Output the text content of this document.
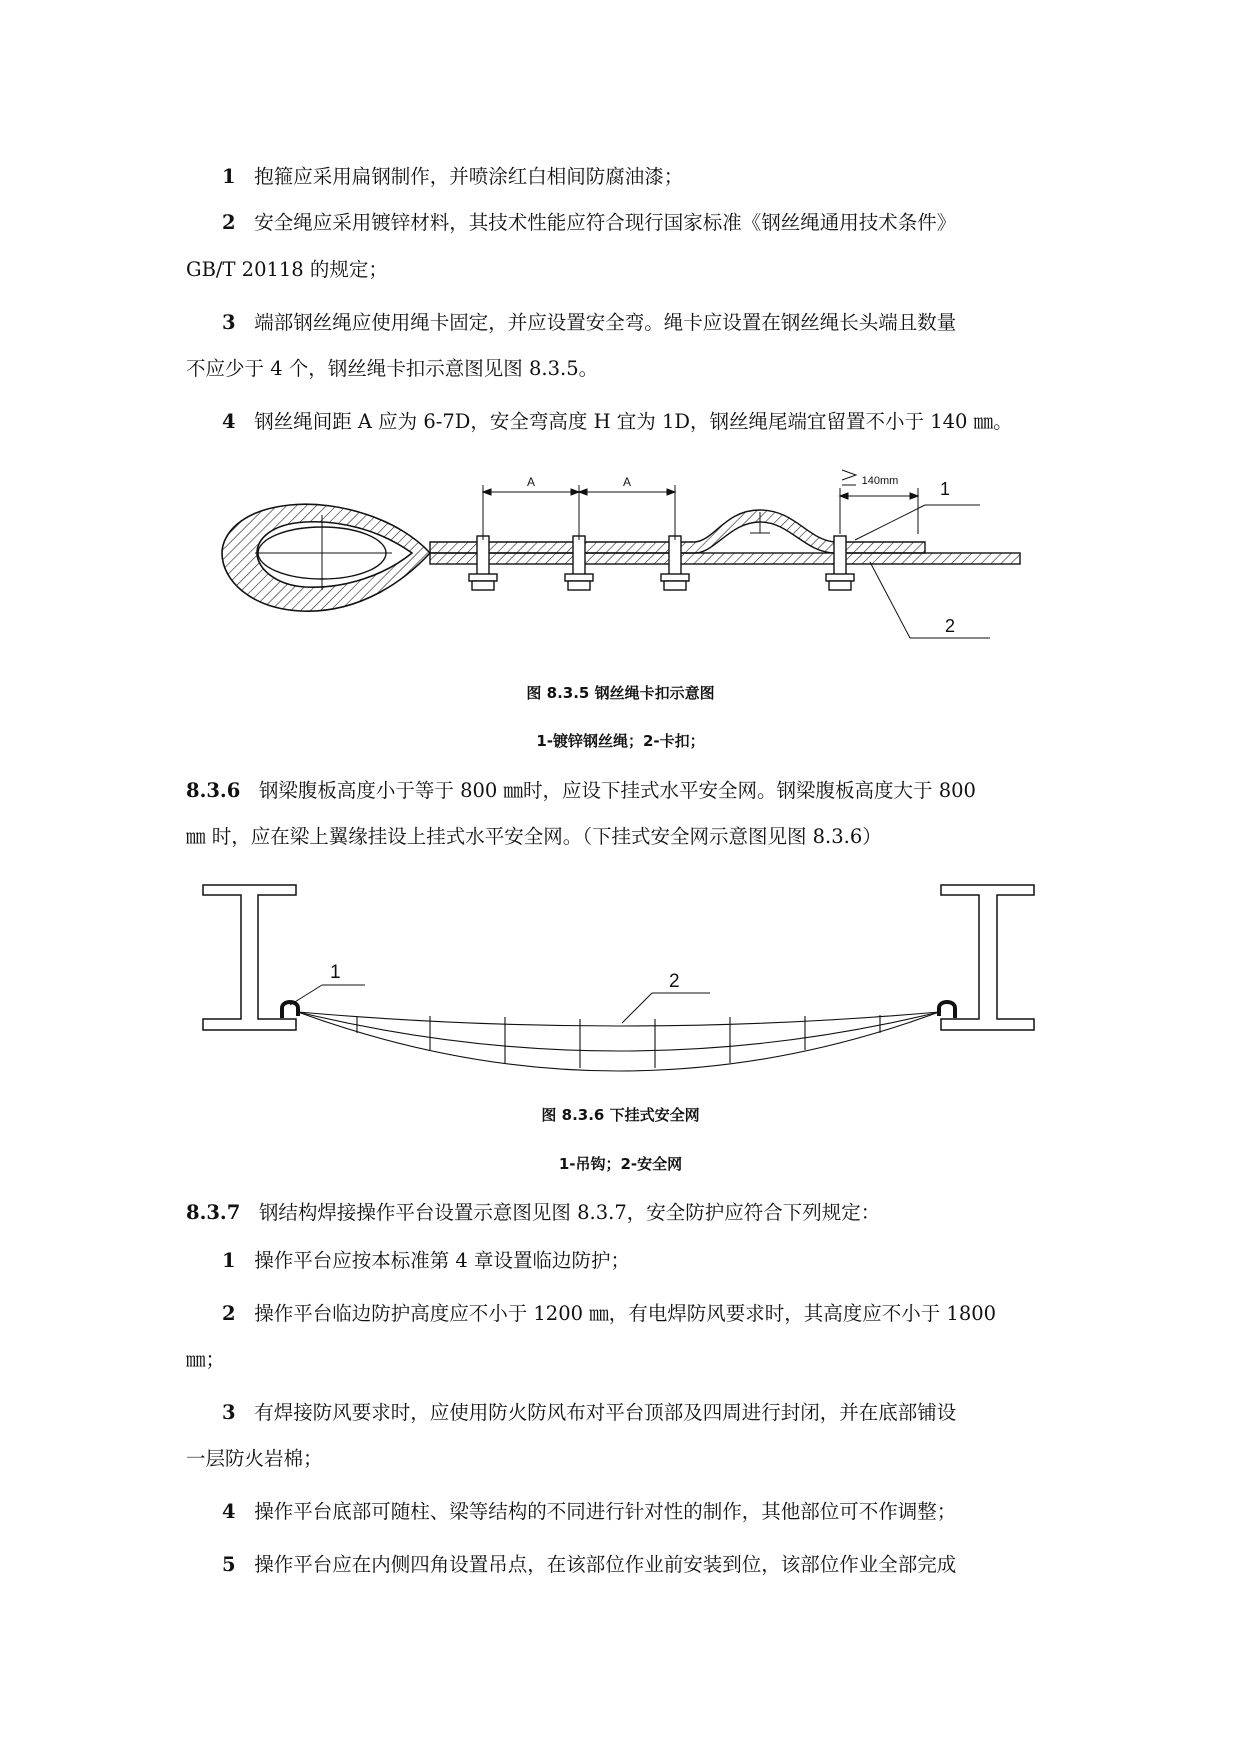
1 抱箍应采用扁钢制作，并喷涂红白相间防腐油漆；
2 安全绳应采用镀锌材料，其技术性能应符合现行国家标准《钢丝绳通用技术条件》
GB/T 20118 的规定；
3 端部钢丝绳应使用绳卡固定，并应设置安全弯。绳卡应设置在钢丝绳长头端且数量
不应少于 4 个，钢丝绳卡扣示意图见图 8.3.5。
4 钢丝绳间距 A 应为 6-7D，安全弯高度 H 宜为 1D，钢丝绳尾端宜留置不小于 140 ㎜。
A	A	140mm 1
2
图 8.3.5 钢丝绳卡扣示意图
1-镀锌钢丝绳；2-卡扣；
8.3.6 钢梁腹板高度小于等于 800 ㎜时，应设下挂式水平安全网。钢梁腹板高度大于 800
㎜ 时，应在梁上翼缘挂设上挂式水平安全网。（下挂式安全网示意图见图 8.3.6）
1	2
图 8.3.6 下挂式安全网
1-吊钩；2-安全网
8.3.7 钢结构焊接操作平台设置示意图见图 8.3.7，安全防护应符合下列规定：
1 操作平台应按本标准第 4 章设置临边防护；
2 操作平台临边防护高度应不小于 1200 ㎜，有电焊防风要求时，其高度应不小于 1800
㎜；
3 有焊接防风要求时，应使用防火防风布对平台顶部及四周进行封闭，并在底部铺设
一层防火岩棉；
4 操作平台底部可随柱、梁等结构的不同进行针对性的制作，其他部位可不作调整；
5 操作平台应在内侧四角设置吊点，在该部位作业前安装到位，该部位作业全部完成
